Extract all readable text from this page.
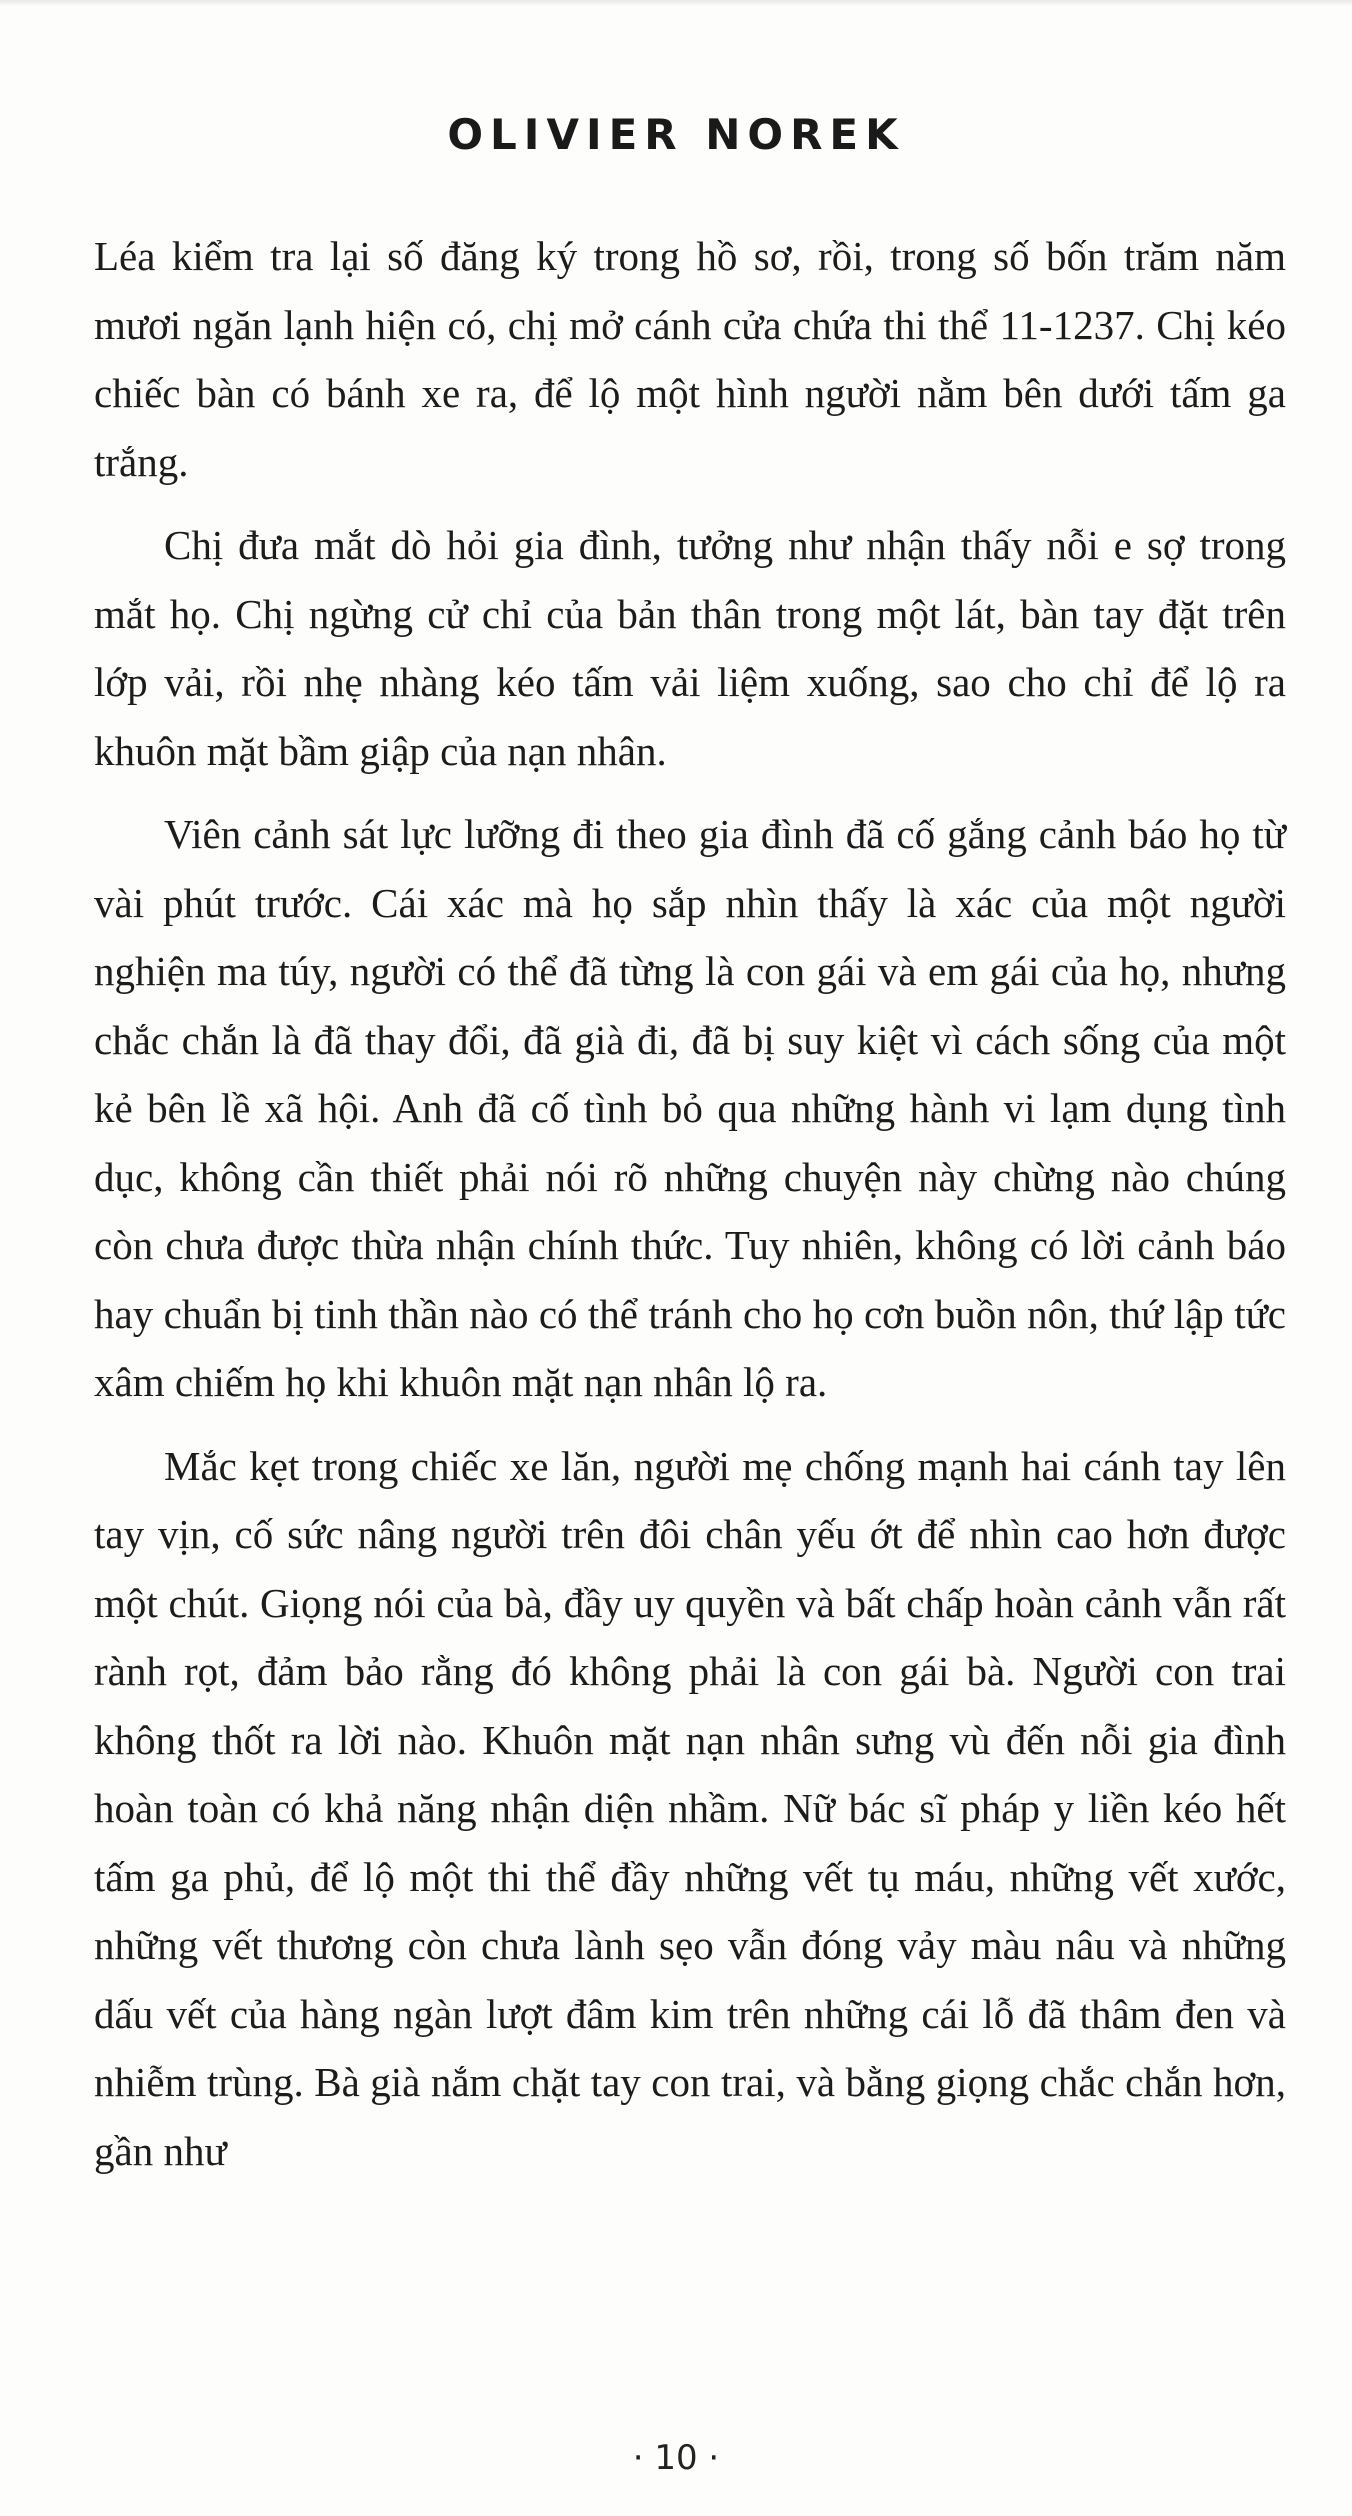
OLIVIER NOREK

Léa kiểm tra lại số đăng ký trong hồ sơ, rồi, trong số bốn trăm năm mươi ngăn lạnh hiện có, chị mở cánh cửa chứa thi thể 11-1237. Chị kéo chiếc bàn có bánh xe ra, để lộ một hình người nằm bên dưới tấm ga trắng.

Chị đưa mắt dò hỏi gia đình, tưởng như nhận thấy nỗi e sợ trong mắt họ. Chị ngừng cử chỉ của bản thân trong một lát, bàn tay đặt trên lớp vải, rồi nhẹ nhàng kéo tấm vải liệm xuống, sao cho chỉ để lộ ra khuôn mặt bầm giập của nạn nhân.

Viên cảnh sát lực lưỡng đi theo gia đình đã cố gắng cảnh báo họ từ vài phút trước. Cái xác mà họ sắp nhìn thấy là xác của một người nghiện ma túy, người có thể đã từng là con gái và em gái của họ, nhưng chắc chắn là đã thay đổi, đã già đi, đã bị suy kiệt vì cách sống của một kẻ bên lề xã hội. Anh đã cố tình bỏ qua những hành vi lạm dụng tình dục, không cần thiết phải nói rõ những chuyện này chừng nào chúng còn chưa được thừa nhận chính thức. Tuy nhiên, không có lời cảnh báo hay chuẩn bị tinh thần nào có thể tránh cho họ cơn buồn nôn, thứ lập tức xâm chiếm họ khi khuôn mặt nạn nhân lộ ra.

Mắc kẹt trong chiếc xe lăn, người mẹ chống mạnh hai cánh tay lên tay vịn, cố sức nâng người trên đôi chân yếu ớt để nhìn cao hơn được một chút. Giọng nói của bà, đầy uy quyền và bất chấp hoàn cảnh vẫn rất rành rọt, đảm bảo rằng đó không phải là con gái bà. Người con trai không thốt ra lời nào. Khuôn mặt nạn nhân sưng vù đến nỗi gia đình hoàn toàn có khả năng nhận diện nhầm. Nữ bác sĩ pháp y liền kéo hết tấm ga phủ, để lộ một thi thể đầy những vết tụ máu, những vết xước, những vết thương còn chưa lành sẹo vẫn đóng vảy màu nâu và những dấu vết của hàng ngàn lượt đâm kim trên những cái lỗ đã thâm đen và nhiễm trùng. Bà già nắm chặt tay con trai, và bằng giọng chắc chắn hơn, gần như

· 10 ·
